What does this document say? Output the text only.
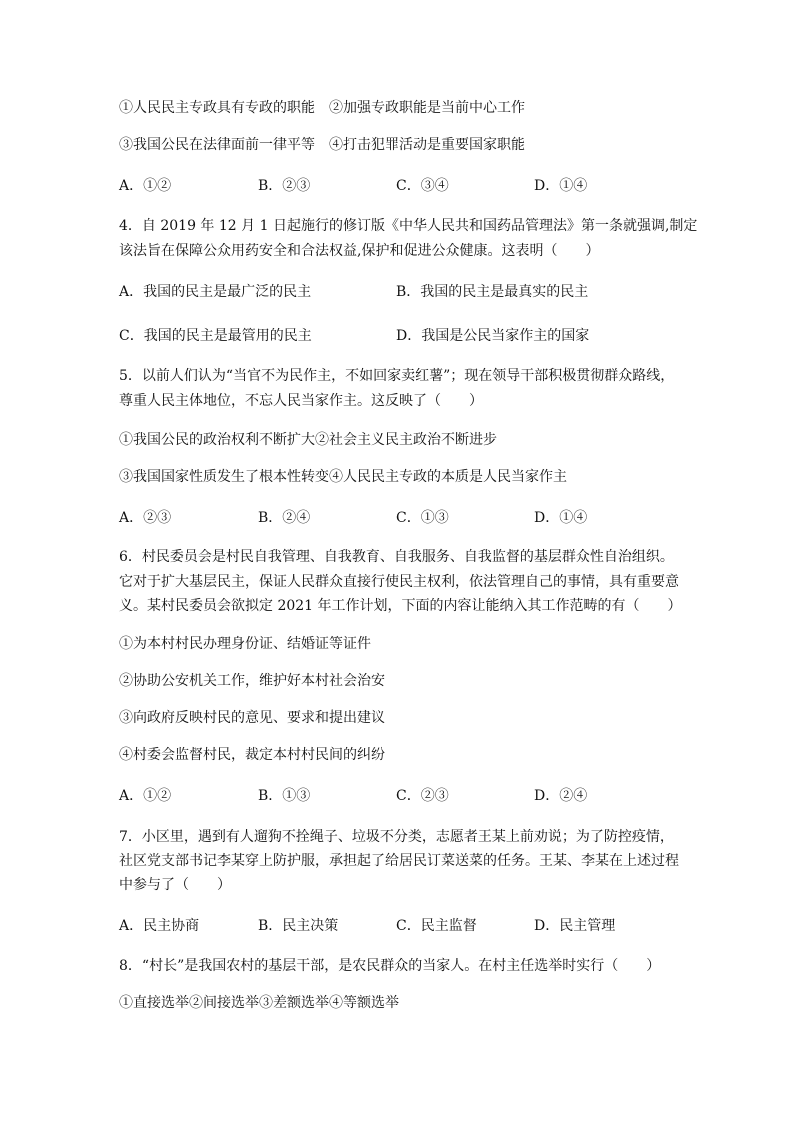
①人民民主专政具有专政的职能　②加强专政职能是当前中心工作
③我国公民在法律面前一律平等　④打击犯罪活动是重要国家职能
A．①②	B．②③	C．③④	D．①④
4．自 2019 年 12 月 1 日起施行的修订版《中华人民共和国药品管理法》第一条就强调,制定
该法旨在保障公众用药安全和合法权益,保护和促进公众健康。这表明（　　）
A．我国的民主是最广泛的民主	B．我国的民主是最真实的民主
C．我国的民主是最管用的民主	D．我国是公民当家作主的国家
5．以前人们认为“当官不为民作主，不如回家卖红薯”；现在领导干部积极贯彻群众路线，
尊重人民主体地位，不忘人民当家作主。这反映了（　　）
①我国公民的政治权利不断扩大②社会主义民主政治不断进步
③我国国家性质发生了根本性转变④人民民主专政的本质是人民当家作主
A．②③	B．②④	C．①③	D．①④
6．村民委员会是村民自我管理、自我教育、自我服务、自我监督的基层群众性自治组织。
它对于扩大基层民主，保证人民群众直接行使民主权利，依法管理自己的事情，具有重要意
义。某村民委员会欲拟定 2021 年工作计划，下面的内容让能纳入其工作范畴的有（　　）
①为本村村民办理身份证、结婚证等证件
②协助公安机关工作，维护好本村社会治安
③向政府反映村民的意见、要求和提出建议
④村委会监督村民，裁定本村村民间的纠纷
A．①②	B．①③	C．②③	D．②④
7．小区里，遇到有人遛狗不拴绳子、垃圾不分类，志愿者王某上前劝说；为了防控疫情，
社区党支部书记李某穿上防护服，承担起了给居民订菜送菜的任务。王某、李某在上述过程
中参与了（　　）
A．民主协商	B．民主决策	C．民主监督	D．民主管理
8．“村长”是我国农村的基层干部，是农民群众的当家人。在村主任选举时实行（　　）
①直接选举②间接选举③差额选举④等额选举
